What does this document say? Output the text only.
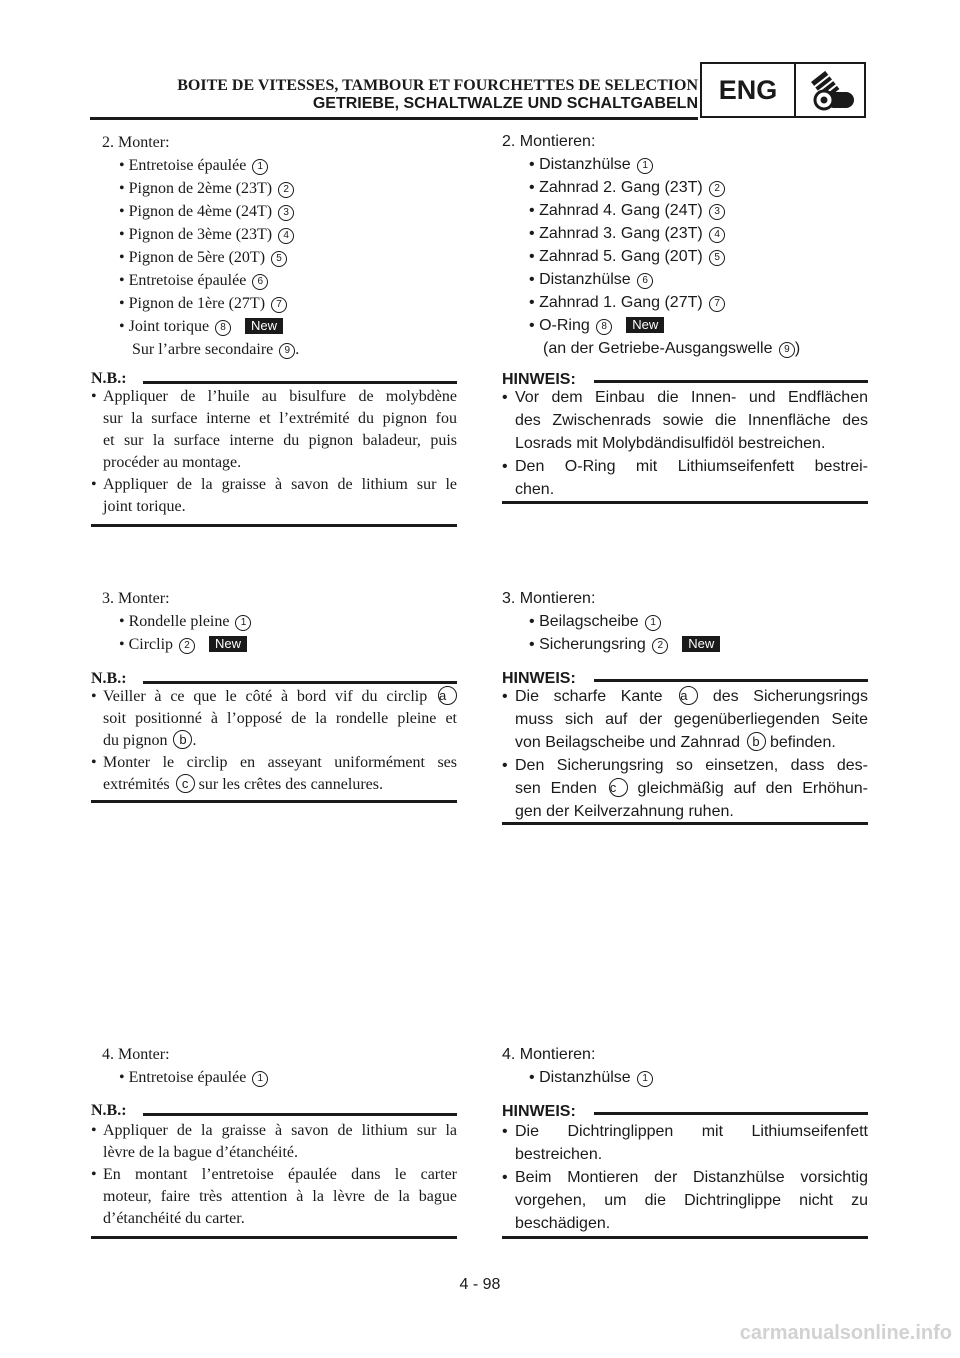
BOITE DE VITESSES, TAMBOUR ET FOURCHETTES DE SELECTION
GETRIEBE, SCHALTWALZE UND SCHALTGABELN ENG
2. Monter:
• Entretoise épaulée 1
• Pignon de 2ème (23T) 2
• Pignon de 4ème (24T) 3
• Pignon de 3ème (23T) 4
• Pignon de 5ère (20T) 5
• Entretoise épaulée 6
• Pignon de 1ère (27T) 7
• Joint torique 8 New
Sur l’arbre secondaire 9 .
N.B.:
• Appliquer de l’huile au bisulfure de molybdène
sur la surface interne et l’extrémité du pignon fou
et sur la surface interne du pignon baladeur, puis
procéder au montage.
• Appliquer de la graisse à savon de lithium sur le
joint torique.
3. Monter:
• Rondelle pleine 1
• Circlip 2 New
N.B.:
• Veiller à ce que le côté à bord vif du circlip a
soit positionné à l’opposé de la rondelle pleine et
du pignon b .
• Monter le circlip en asseyant uniformément ses
extrémités c sur les crêtes des cannelures.
4. Monter:
• Entretoise épaulée 1
N.B.:
• Appliquer de la graisse à savon de lithium sur la
lèvre de la bague d’étanchéité.
• En montant l’entretoise épaulée dans le carter
moteur, faire très attention à la lèvre de la bague
d’étanchéité du carter.
2. Montieren:
• Distanzhülse 1
• Zahnrad 2. Gang (23T) 2
• Zahnrad 4. Gang (24T) 3
• Zahnrad 3. Gang (23T) 4
• Zahnrad 5. Gang (20T) 5
• Distanzhülse 6
• Zahnrad 1. Gang (27T) 7
• O-Ring 8 New
(an der Getriebe-Ausgangswelle 9 )
HINWEIS:
• Vor dem Einbau die Innen- und Endflächen
des Zwischenrads sowie die Innenfläche des
Losrads mit Molybdändisulfidöl bestreichen.
• Den O-Ring mit Lithiumseifenfett bestrei-
chen.
3. Montieren:
• Beilagscheibe 1
• Sicherungsring 2 New
HINWEIS:
• Die scharfe Kante a des Sicherungsrings
muss sich auf der gegenüberliegenden Seite
von Beilagscheibe und Zahnrad b befinden.
• Den Sicherungsring so einsetzen, dass des-
sen Enden c gleichmäßig auf den Erhöhun-
gen der Keilverzahnung ruhen.
4. Montieren:
• Distanzhülse 1
HINWEIS:
• Die Dichtringlippen mit Lithiumseifenfett
bestreichen.
• Beim Montieren der Distanzhülse vorsichtig
vorgehen, um die Dichtringlippe nicht zu
beschädigen.
4 - 98
carmanualsonline.info
